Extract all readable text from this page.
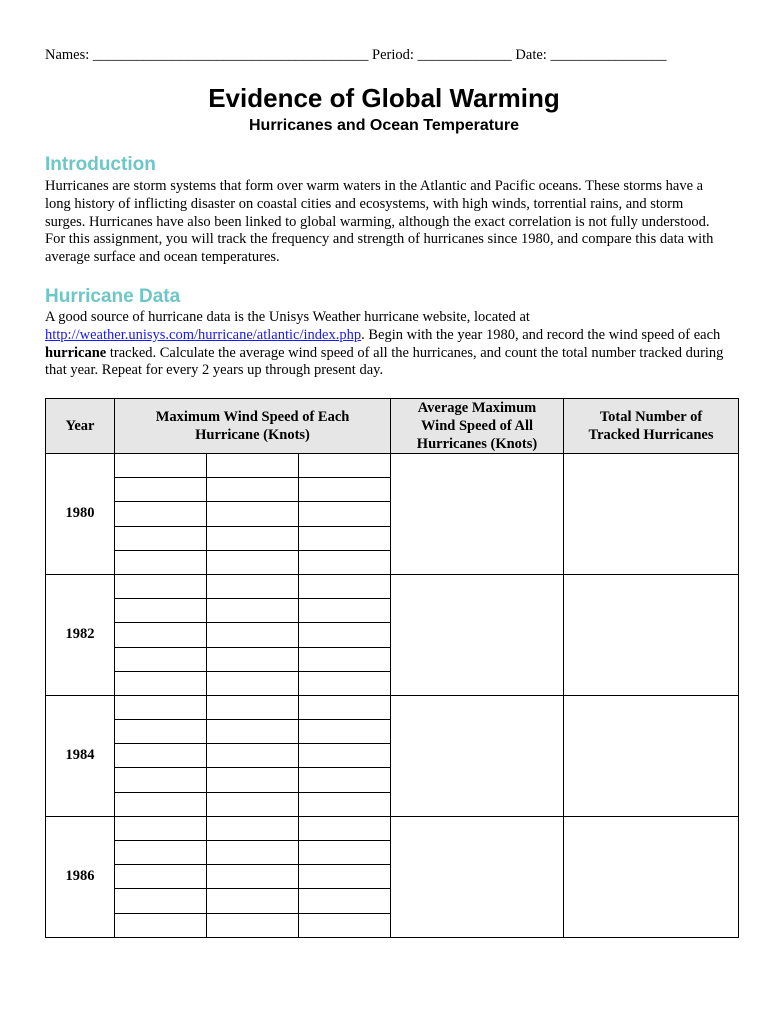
Names: ______________________________________ Period: _____________ Date: ________________
Evidence of Global Warming
Hurricanes and Ocean Temperature
Introduction
Hurricanes are storm systems that form over warm waters in the Atlantic and Pacific oceans. These storms have a long history of inflicting disaster on coastal cities and ecosystems, with high winds, torrential rains, and storm surges. Hurricanes have also been linked to global warming, although the exact correlation is not fully understood. For this assignment, you will track the frequency and strength of hurricanes since 1980, and compare this data with average surface and ocean temperatures.
Hurricane Data
A good source of hurricane data is the Unisys Weather hurricane website, located at http://weather.unisys.com/hurricane/atlantic/index.php. Begin with the year 1980, and record the wind speed of each hurricane tracked. Calculate the average wind speed of all the hurricanes, and count the total number tracked during that year. Repeat for every 2 years up through present day.
Year	Maximum Wind Speed of Each Hurricane (Knots)			Average Maximum Wind Speed of All Hurricanes (Knots)	Total Number of Tracked Hurricanes
1980					

1982					

1984					

1986					
